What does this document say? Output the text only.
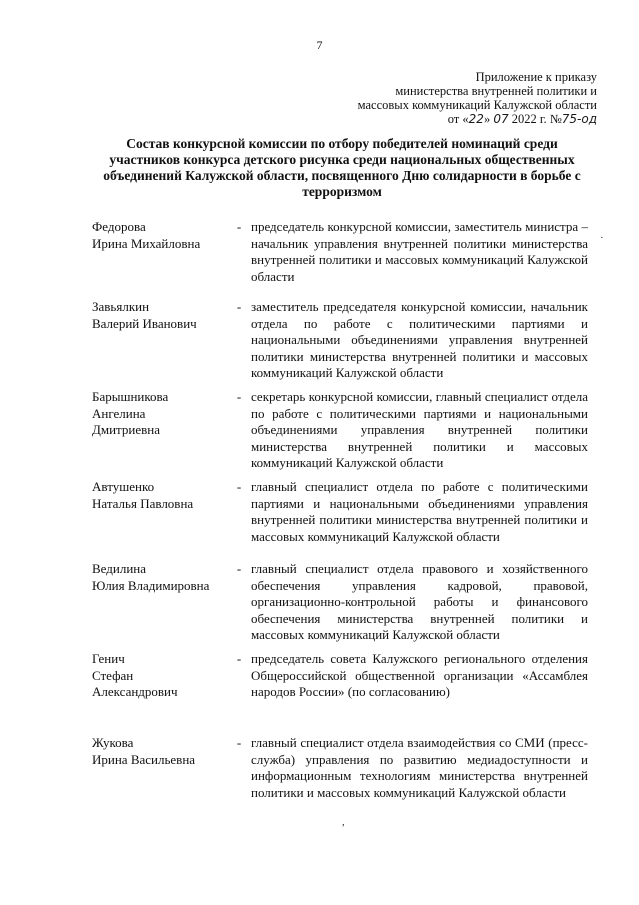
7
Приложение к приказу
министерства внутренней политики и
массовых коммуникаций Калужской области
от «22» 07 2022 г. №75-од
Состав конкурсной комиссии по отбору победителей номинаций среди участников конкурса детского рисунка среди национальных общественных объединений Калужской области, посвященного Дню солидарности в борьбе с терроризмом
Федорова
Ирина Михайловна
- председатель конкурсной комиссии, заместитель министра – начальник управления внутренней политики министерства внутренней политики и массовых коммуникаций Калужской области
Завьялкин
Валерий Иванович
- заместитель председателя конкурсной комиссии, начальник отдела по работе с политическими партиями и национальными объединениями управления внутренней политики министерства внутренней политики и массовых коммуникаций Калужской области
Барышникова
Ангелина
Дмитриевна
- секретарь конкурсной комиссии, главный специалист отдела по работе с политическими партиями и национальными объединениями управления внутренней политики министерства внутренней политики и массовых коммуникаций Калужской области
Автушенко
Наталья Павловна
- главный специалист отдела по работе с политическими партиями и национальными объединениями управления внутренней политики министерства внутренней политики и массовых коммуникаций Калужской области
Ведилина
Юлия Владимировна
- главный специалист отдела правового и хозяйственного обеспечения управления кадровой, правовой, организационно-контрольной работы и финансового обеспечения министерства внутренней политики и массовых коммуникаций Калужской области
Генич
Стефан
Александрович
- председатель совета Калужского регионального отделения Общероссийской общественной организации «Ассамблея народов России» (по согласованию)
Жукова
Ирина Васильевна
- главный специалист отдела взаимодействия со СМИ (пресс-служба) управления по развитию медиадоступности и информационным технологиям министерства внутренней политики и массовых коммуникаций Калужской области
,
·
